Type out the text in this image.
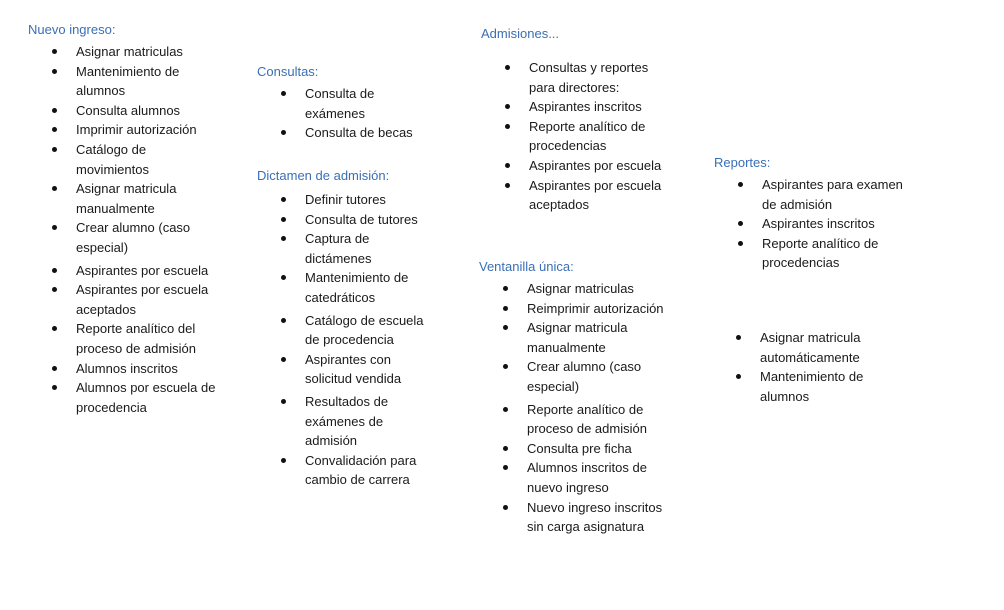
Nuevo ingreso:
Asignar matriculas
Mantenimiento de alumnos
Consulta alumnos
Imprimir autorización
Catálogo de movimientos
Asignar matricula manualmente
Crear alumno (caso especial)
Aspirantes por escuela
Aspirantes por escuela aceptados
Reporte analítico del proceso de admisión
Alumnos inscritos
Alumnos por escuela de procedencia
Consultas:
Consulta de exámenes
Consulta de becas
Dictamen de admisión:
Definir tutores
Consulta de tutores
Captura de dictámenes
Mantenimiento de catedráticos
Catálogo de escuela de procedencia
Aspirantes con solicitud vendida
Resultados de exámenes de admisión
Convalidación para cambio de carrera
Admisiones...
Consultas y reportes para directores:
Aspirantes inscritos
Reporte analítico de procedencias
Aspirantes por escuela
Aspirantes por escuela aceptados
Ventanilla única:
Asignar matriculas
Reimprimir autorización
Asignar matricula manualmente
Crear alumno (caso especial)
Reporte analítico de proceso de admisión
Consulta pre ficha
Alumnos inscritos de nuevo ingreso
Nuevo ingreso inscritos sin carga asignatura
Reportes:
Aspirantes para examen de admisión
Aspirantes inscritos
Reporte analítico de procedencias
Asignar matricula automáticamente
Mantenimiento de alumnos
